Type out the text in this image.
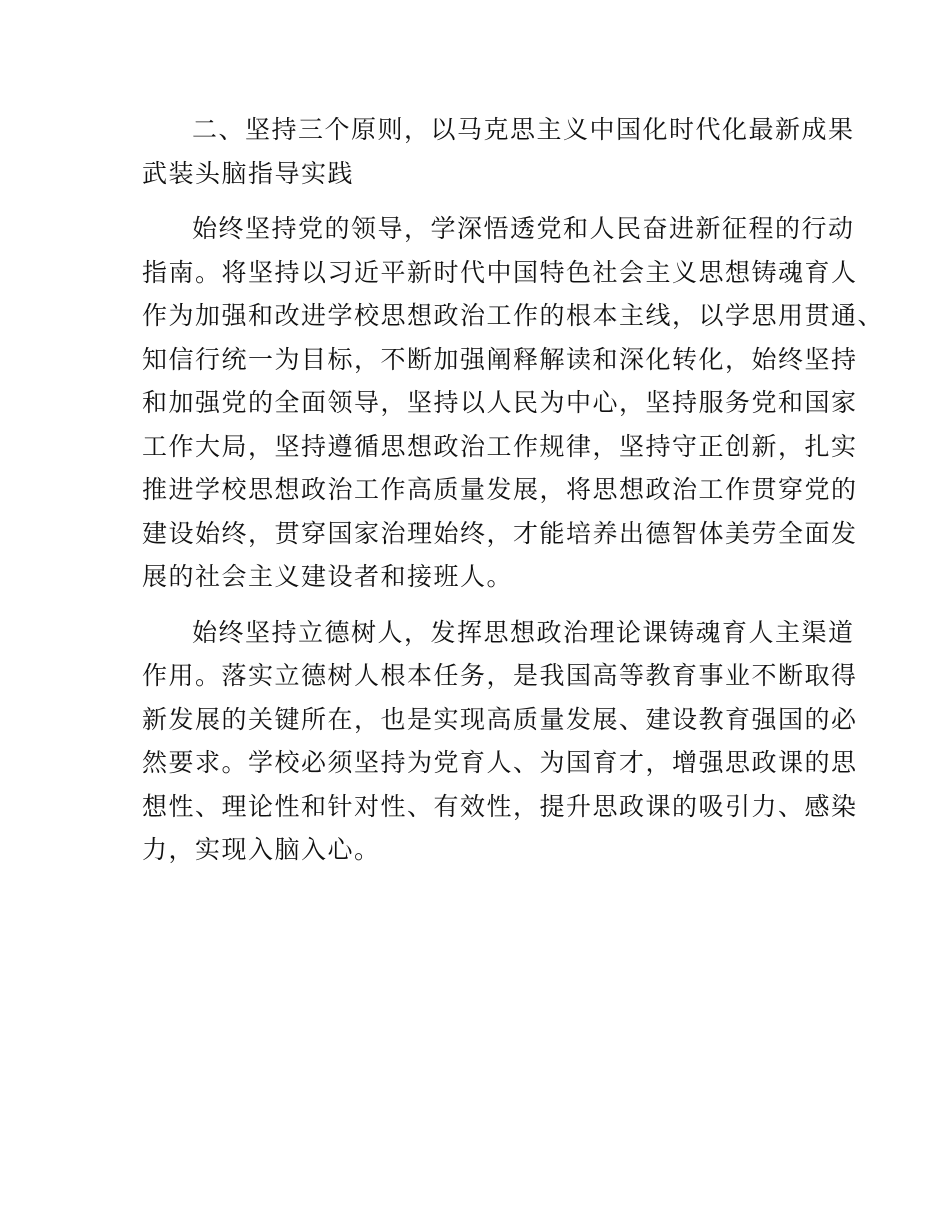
二、坚持三个原则，以马克思主义中国化时代化最新成果
武装头脑指导实践
始终坚持党的领导，学深悟透党和人民奋进新征程的行动
指南。将坚持以习近平新时代中国特色社会主义思想铸魂育人
作为加强和改进学校思想政治工作的根本主线，以学思用贯通、
知信行统一为目标，不断加强阐释解读和深化转化，始终坚持
和加强党的全面领导，坚持以人民为中心，坚持服务党和国家
工作大局，坚持遵循思想政治工作规律，坚持守正创新，扎实
推进学校思想政治工作高质量发展，将思想政治工作贯穿党的
建设始终，贯穿国家治理始终，才能培养出德智体美劳全面发
展的社会主义建设者和接班人。
始终坚持立德树人，发挥思想政治理论课铸魂育人主渠道
作用。落实立德树人根本任务，是我国高等教育事业不断取得
新发展的关键所在，也是实现高质量发展、建设教育强国的必
然要求。学校必须坚持为党育人、为国育才，增强思政课的思
想性、理论性和针对性、有效性，提升思政课的吸引力、感染
力，实现入脑入心。
